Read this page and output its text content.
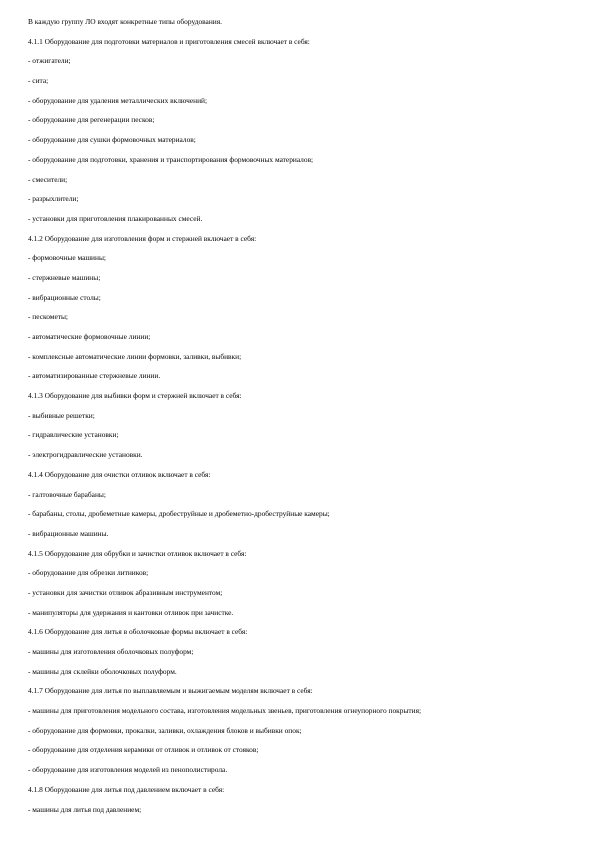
В каждую группу ЛО входят конкретные типы оборудования.
4.1.1 Оборудование для подготовки материалов и приготовления смесей включает в себя:
- отжигатели;
- сита;
- оборудование для удаления металлических включений;
- оборудование для регенерации песков;
- оборудование для сушки формовочных материалов;
- оборудование для подготовки, хранения и транспортирования формовочных материалов;
- смесители;
- разрыхлители;
- установки для приготовления плакированных смесей.
4.1.2 Оборудование для изготовления форм и стержней включает в себя:
- формовочные машины;
- стержневые машины;
- вибрационные столы;
- пескометы;
- автоматические формовочные линии;
- комплексные автоматические линии формовки, заливки, выбивки;
- автоматизированные стержневые линии.
4.1.3 Оборудование для выбивки форм и стержней включает в себя:
- выбивные решетки;
- гидравлические установки;
- электрогидравлические установки.
4.1.4 Оборудование для очистки отливок включает в себя:
- галтовочные барабаны;
- барабаны, столы, дробеметные камеры, дробеструйные и дробеметно-дробеструйные камеры;
- вибрационные машины.
4.1.5 Оборудование для обрубки и зачистки отливок включает в себя:
- оборудование для обрезки литников;
- установки для зачистки отливок абразивным инструментом;
- манипуляторы для удержания и кантовки отливок при зачистке.
4.1.6 Оборудование для литья в оболочковые формы включает в себя:
- машины для изготовления оболочковых полуформ;
- машины для склейки оболочковых полуформ.
4.1.7 Оборудование для литья по выплавляемым и выжигаемым моделям включает в себя:
- машины для приготовления модельного состава, изготовления модельных звеньев, приготовления огнеупорного покрытия;
- оборудование для формовки, прокалки, заливки, охлаждения блоков и выбивки опок;
- оборудование для отделения керамики от отливок и отливок от стояков;
- оборудование для изготовления моделей из пенополистирола.
4.1.8 Оборудование для литья под давлением включает в себя:
- машины для литья под давлением;
